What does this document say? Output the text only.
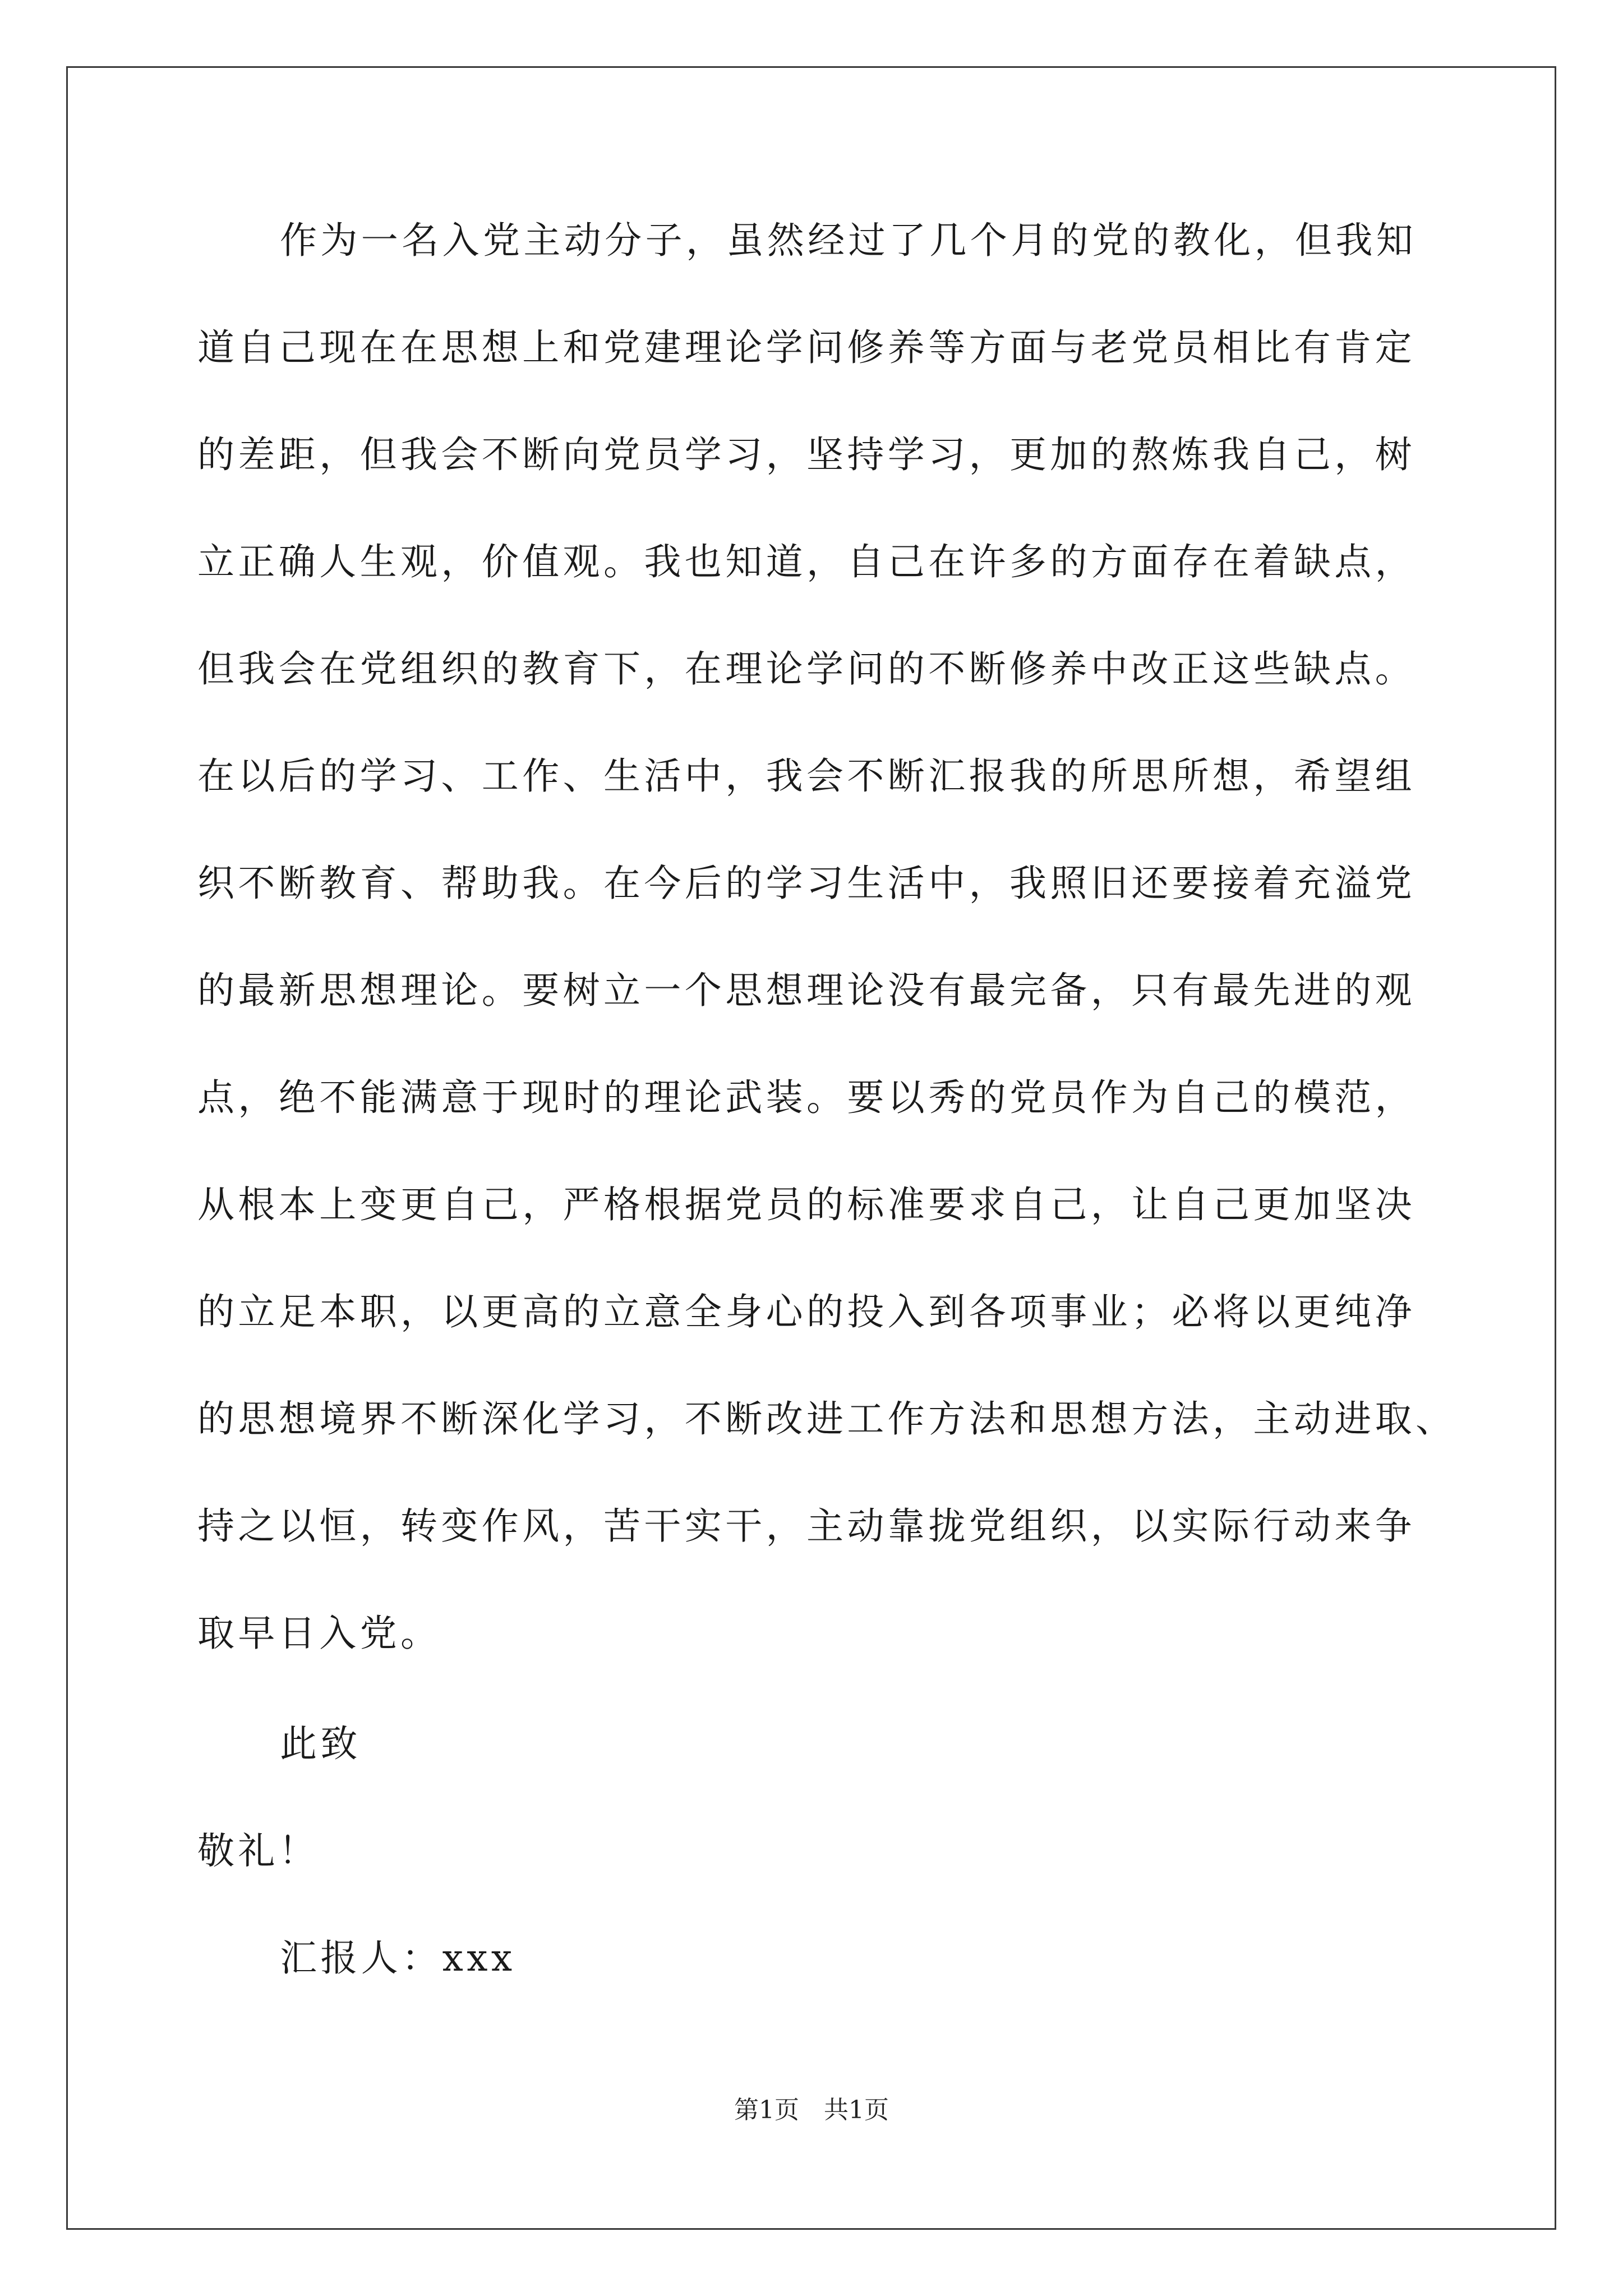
作为一名入党主动分子，虽然经过了几个月的党的教化，但我知
道自己现在在思想上和党建理论学问修养等方面与老党员相比有肯定
的差距，但我会不断向党员学习，坚持学习，更加的熬炼我自己，树
立正确人生观，价值观。我也知道，自己在许多的方面存在着缺点，
但我会在党组织的教育下，在理论学问的不断修养中改正这些缺点。
在以后的学习、工作、生活中，我会不断汇报我的所思所想，希望组
织不断教育、帮助我。在今后的学习生活中，我照旧还要接着充溢党
的最新思想理论。要树立一个思想理论没有最完备，只有最先进的观
点，绝不能满意于现时的理论武装。要以秀的党员作为自己的模范，
从根本上变更自己，严格根据党员的标准要求自己，让自己更加坚决
的立足本职，以更高的立意全身心的投入到各项事业；必将以更纯净
的思想境界不断深化学习，不断改进工作方法和思想方法，主动进取、
持之以恒，转变作风，苦干实干，主动靠拢党组织，以实际行动来争
取早日入党。

此致

敬礼！

汇报人：xxx

第1页　共1页
